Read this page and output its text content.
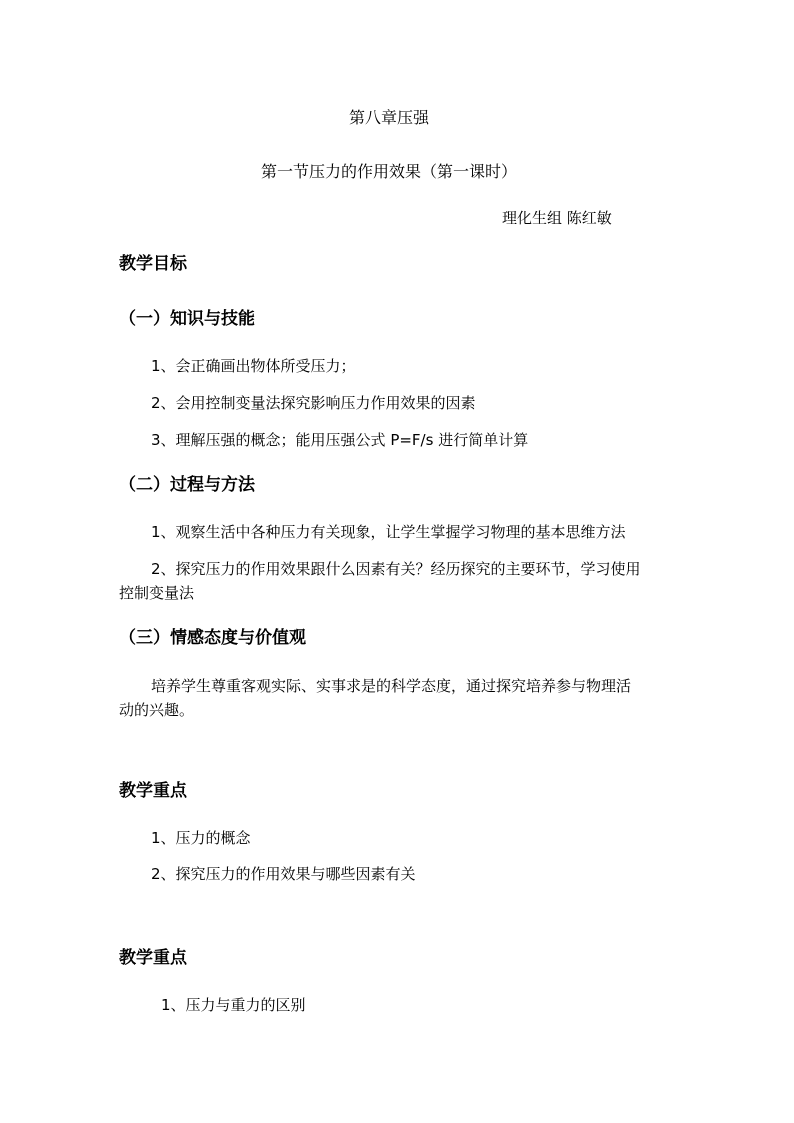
第八章压强
第一节压力的作用效果（第一课时）
理化生组 陈红敏
教学目标
（一）知识与技能
1、会正确画出物体所受压力；
2、会用控制变量法探究影响压力作用效果的因素
3、理解压强的概念；能用压强公式 P=F/s 进行简单计算
（二）过程与方法
1、观察生活中各种压力有关现象，让学生掌握学习物理的基本思维方法
2、探究压力的作用效果跟什么因素有关？经历探究的主要环节，学习使用
控制变量法
（三）情感态度与价值观
培养学生尊重客观实际、实事求是的科学态度，通过探究培养参与物理活
动的兴趣。
教学重点
1、压力的概念
2、探究压力的作用效果与哪些因素有关
教学重点
1、压力与重力的区别
